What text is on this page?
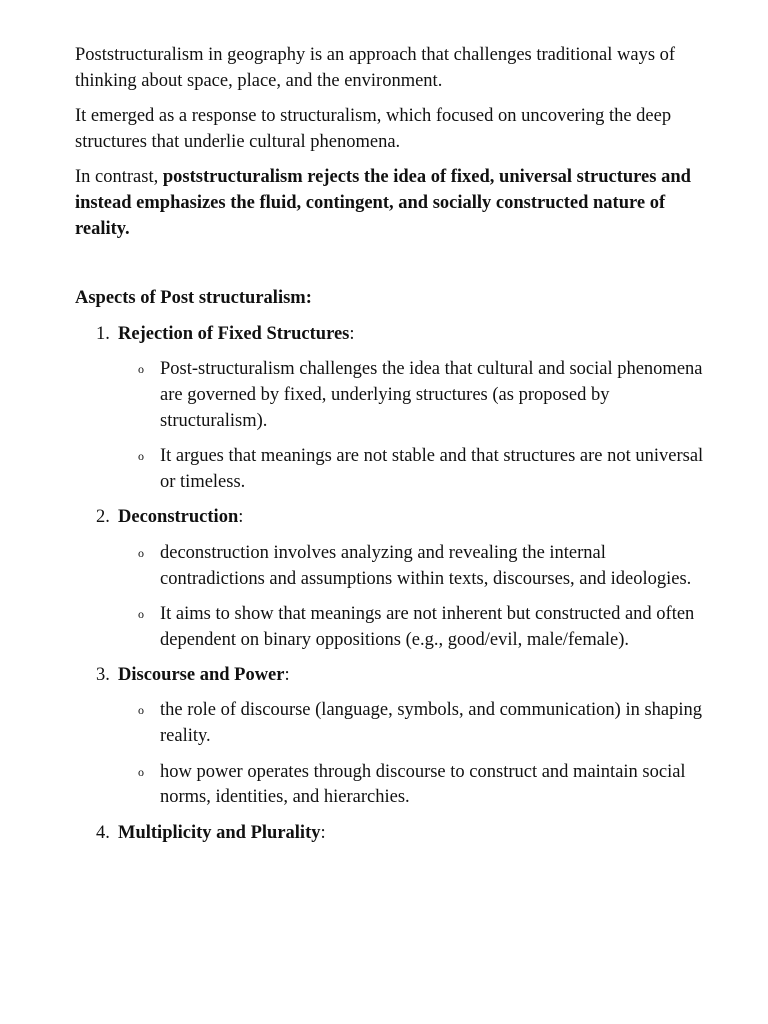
Poststructuralism in geography is an approach that challenges traditional ways of thinking about space, place, and the environment.

It emerged as a response to structuralism, which focused on uncovering the deep structures that underlie cultural phenomena.

In contrast, poststructuralism rejects the idea of fixed, universal structures and instead emphasizes the fluid, contingent, and socially constructed nature of reality.

Aspects of Post structuralism:
1. Rejection of Fixed Structures:
o Post-structuralism challenges the idea that cultural and social phenomena are governed by fixed, underlying structures (as proposed by structuralism).
o It argues that meanings are not stable and that structures are not universal or timeless.
2. Deconstruction:
o deconstruction involves analyzing and revealing the internal contradictions and assumptions within texts, discourses, and ideologies.
o It aims to show that meanings are not inherent but constructed and often dependent on binary oppositions (e.g., good/evil, male/female).
3. Discourse and Power:
o the role of discourse (language, symbols, and communication) in shaping reality.
o how power operates through discourse to construct and maintain social norms, identities, and hierarchies.
4. Multiplicity and Plurality:
